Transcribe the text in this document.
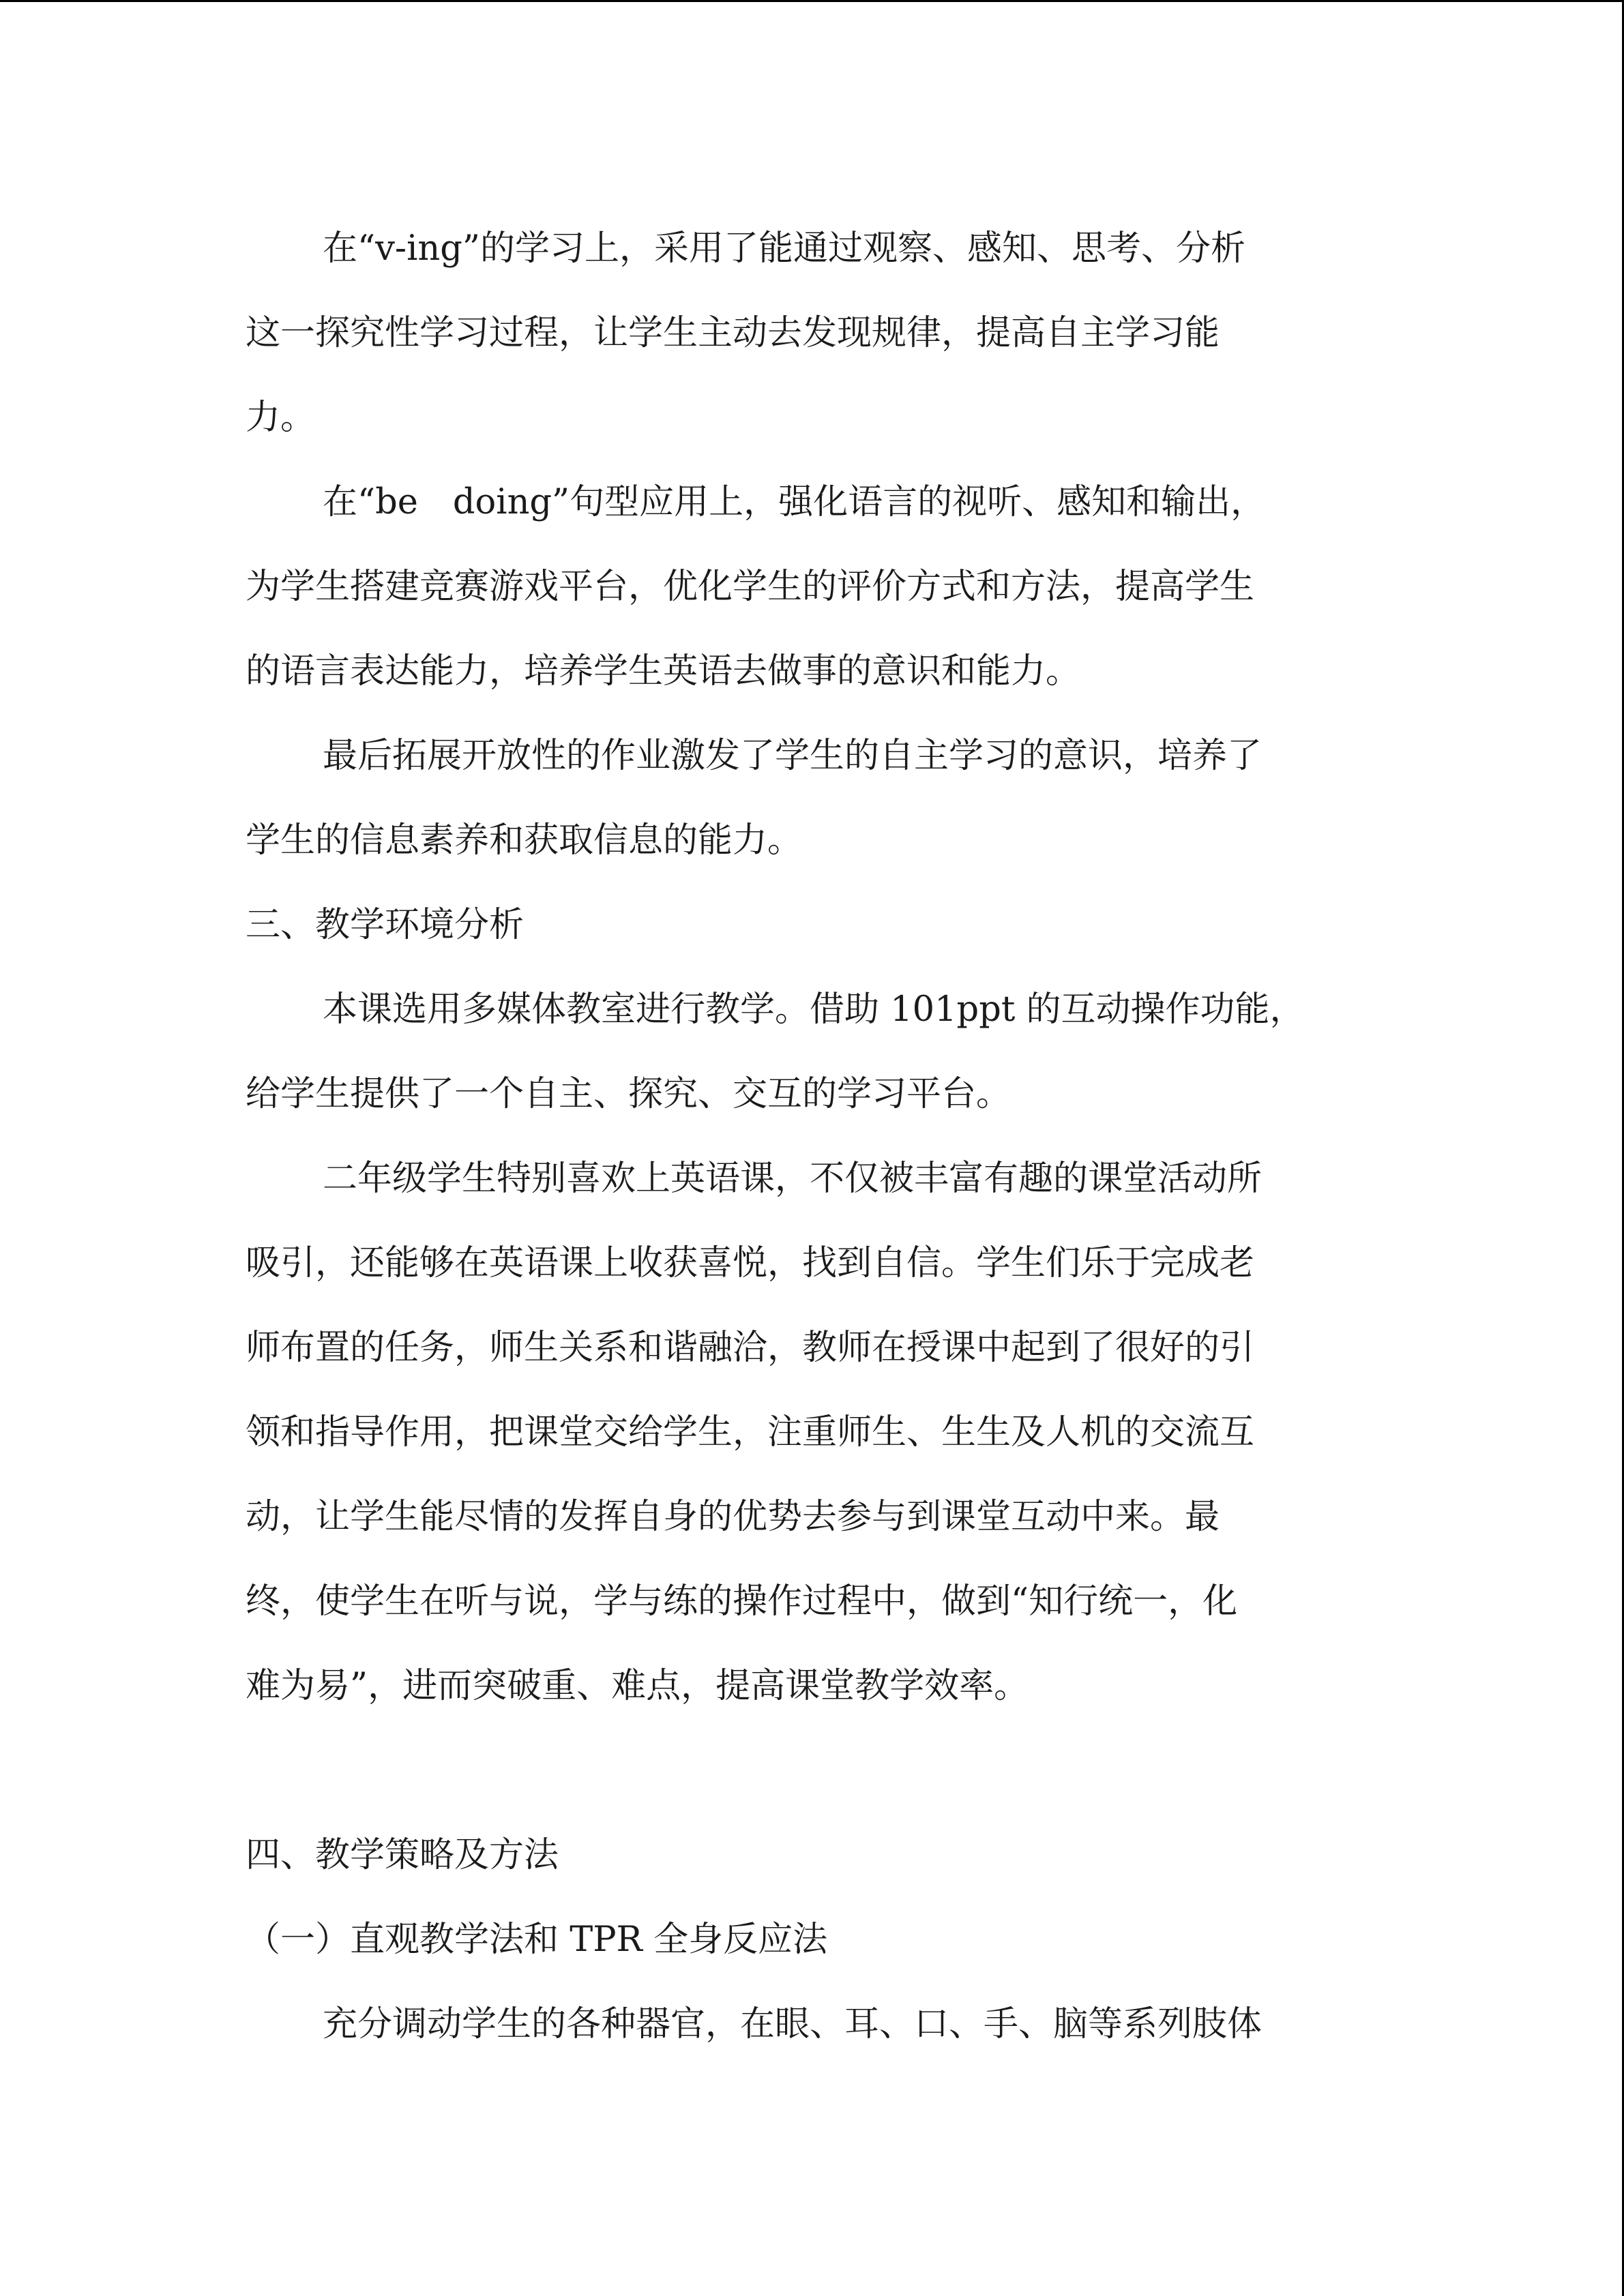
在“v-ing”的学习上，采用了能通过观察、感知、思考、分析
这一探究性学习过程，让学生主动去发现规律，提高自主学习能
力。
在“be　doing”句型应用上，强化语言的视听、感知和输出，
为学生搭建竞赛游戏平台，优化学生的评价方式和方法，提高学生
的语言表达能力，培养学生英语去做事的意识和能力。
最后拓展开放性的作业激发了学生的自主学习的意识，培养了
学生的信息素养和获取信息的能力。
三、教学环境分析
本课选用多媒体教室进行教学。借助 101ppt 的互动操作功能，
给学生提供了一个自主、探究、交互的学习平台。
二年级学生特别喜欢上英语课，不仅被丰富有趣的课堂活动所
吸引，还能够在英语课上收获喜悦，找到自信。学生们乐于完成老
师布置的任务，师生关系和谐融洽，教师在授课中起到了很好的引
领和指导作用，把课堂交给学生，注重师生、生生及人机的交流互
动，让学生能尽情的发挥自身的优势去参与到课堂互动中来。最
终，使学生在听与说，学与练的操作过程中，做到“知行统一，化
难为易”，进而突破重、难点，提高课堂教学效率。
四、教学策略及方法
（一）直观教学法和 TPR 全身反应法
充分调动学生的各种器官，在眼、耳、口、手、脑等系列肢体
